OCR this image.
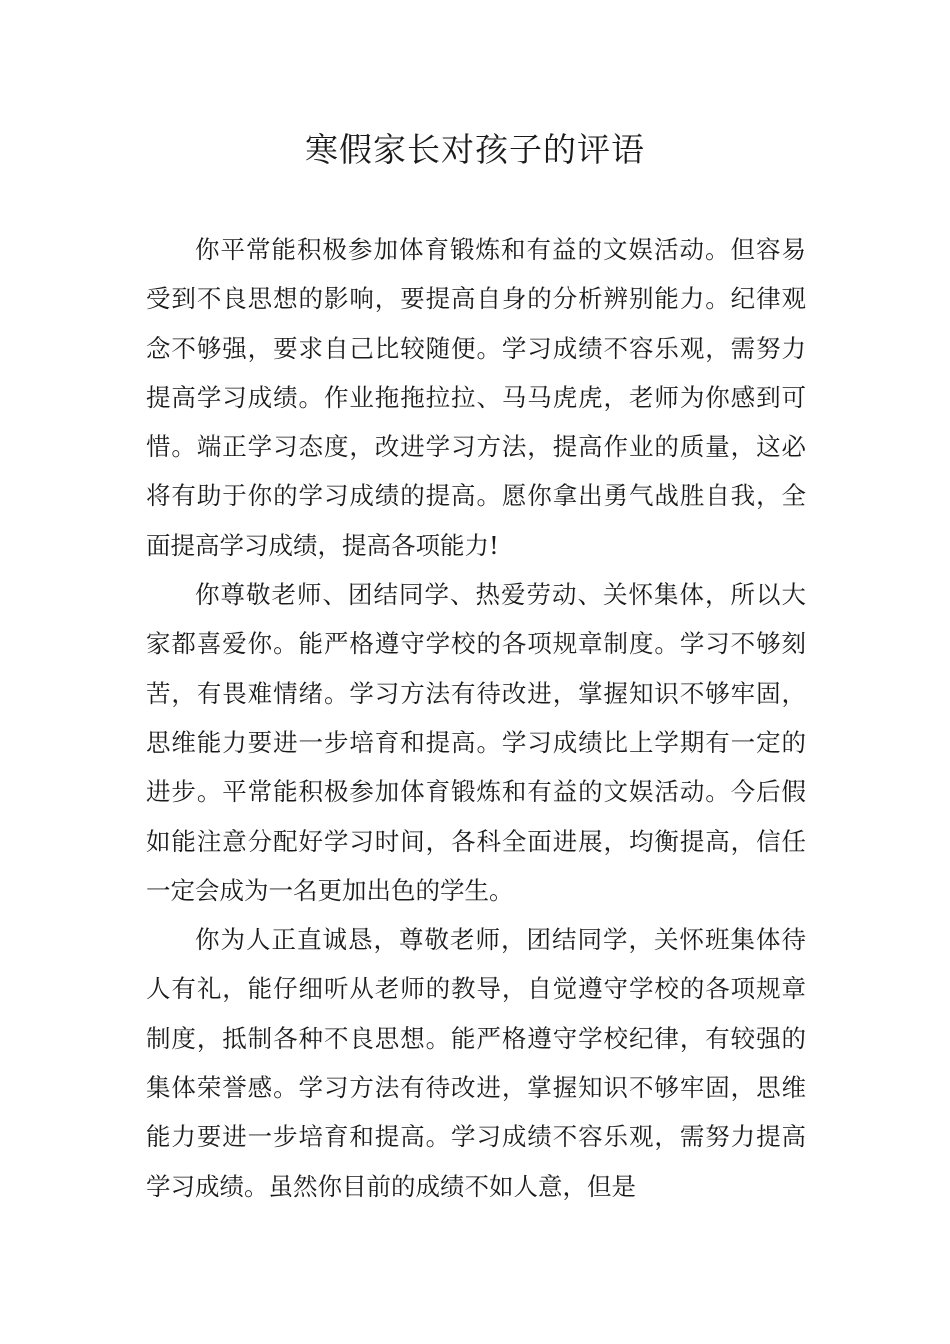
寒假家长对孩子的评语

你平常能积极参加体育锻炼和有益的文娱活动。但容易受到不良思想的影响，要提高自身的分析辨别能力。纪律观念不够强，要求自己比较随便。学习成绩不容乐观，需努力提高学习成绩。作业拖拖拉拉、马马虎虎，老师为你感到可惜。端正学习态度，改进学习方法，提高作业的质量，这必将有助于你的学习成绩的提高。愿你拿出勇气战胜自我，全面提高学习成绩，提高各项能力!

你尊敬老师、团结同学、热爱劳动、关怀集体，所以大家都喜爱你。能严格遵守学校的各项规章制度。学习不够刻苦，有畏难情绪。学习方法有待改进，掌握知识不够牢固，思维能力要进一步培育和提高。学习成绩比上学期有一定的进步。平常能积极参加体育锻炼和有益的文娱活动。今后假如能注意分配好学习时间，各科全面进展，均衡提高，信任一定会成为一名更加出色的学生。

你为人正直诚恳，尊敬老师，团结同学，关怀班集体待人有礼，能仔细听从老师的教导，自觉遵守学校的各项规章制度，抵制各种不良思想。能严格遵守学校纪律，有较强的集体荣誉感。学习方法有待改进，掌握知识不够牢固，思维能力要进一步培育和提高。学习成绩不容乐观，需努力提高学习成绩。虽然你目前的成绩不如人意，但是
